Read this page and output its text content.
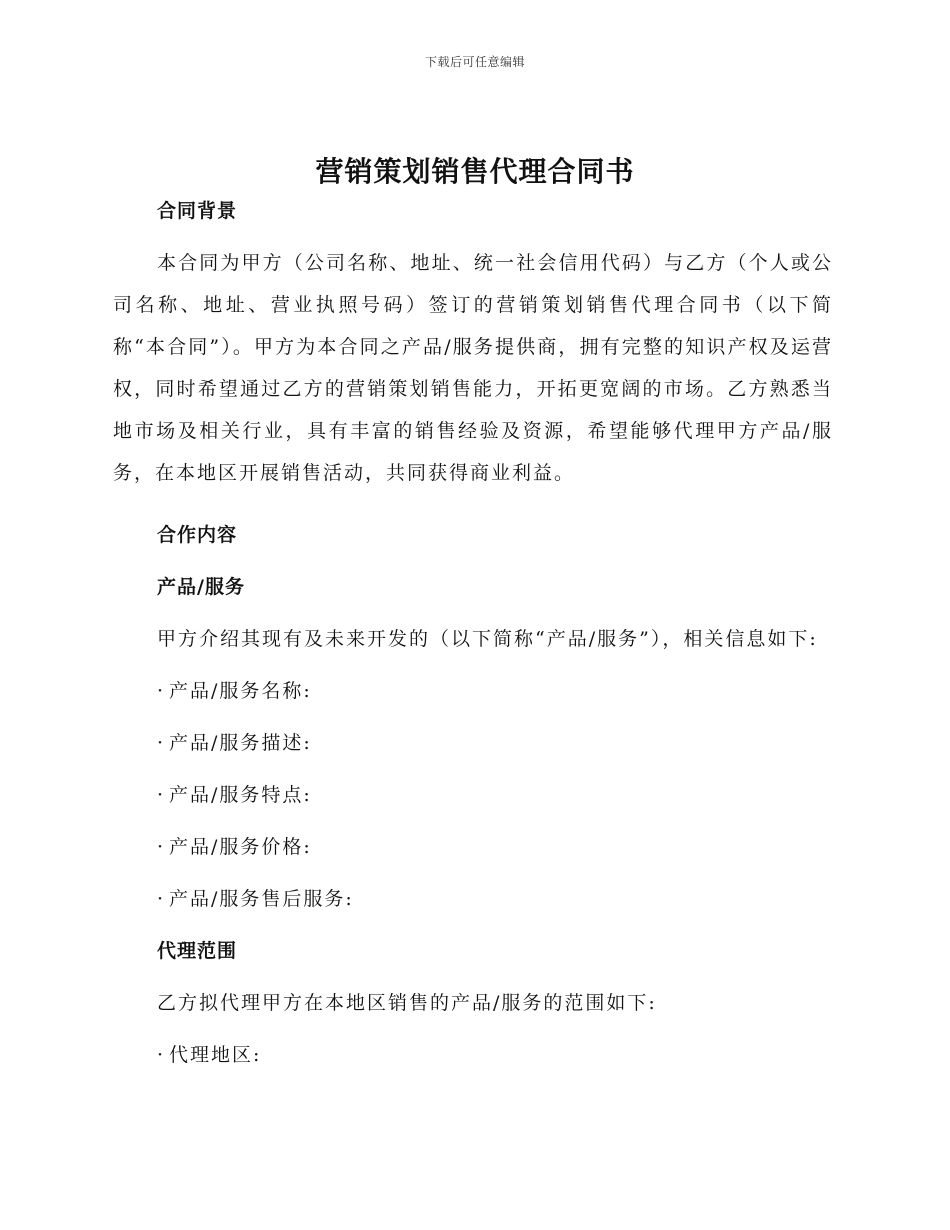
下载后可任意编辑
营销策划销售代理合同书
合同背景

本合同为甲方（公司名称、地址、统一社会信用代码）与乙方（个人或公司名称、地址、营业执照号码）签订的营销策划销售代理合同书（以下简称“本合同”）。甲方为本合同之产品/服务提供商，拥有完整的知识产权及运营权，同时希望通过乙方的营销策划销售能力，开拓更宽阔的市场。乙方熟悉当地市场及相关行业，具有丰富的销售经验及资源，希望能够代理甲方产品/服务，在本地区开展销售活动，共同获得商业利益。

合作内容
产品/服务

甲方介绍其现有及未来开发的（以下简称“产品/服务”），相关信息如下:

· 产品/服务名称:
· 产品/服务描述:
· 产品/服务特点:
· 产品/服务价格:
· 产品/服务售后服务:
代理范围

乙方拟代理甲方在本地区销售的产品/服务的范围如下:

· 代理地区:
